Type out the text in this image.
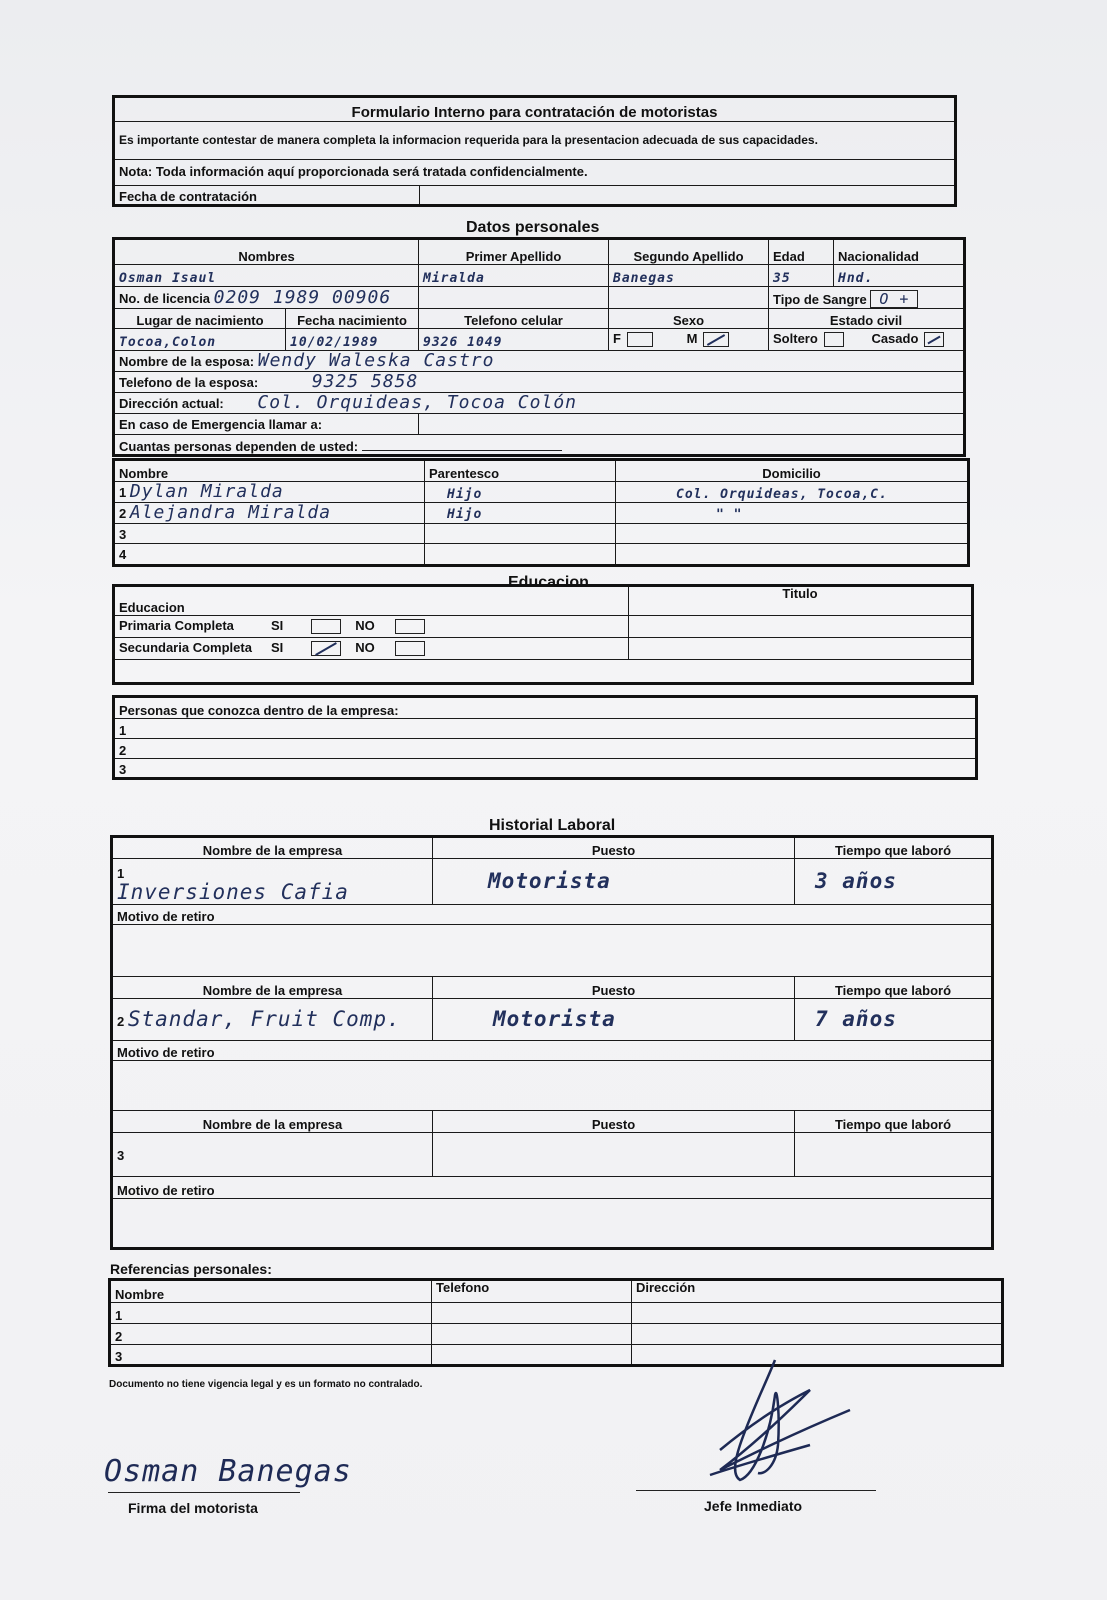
Formulario Interno para contratación de motoristas
Es importante contestar de manera completa la informacion requerida para la presentacion adecuada de sus capacidades.
Nota: Toda información aquí proporcionada será tratada confidencialmente.
Fecha de contratación	
Datos personales
Nombres		Primer Apellido	Segundo Apellido	Edad	Nacionalidad
Osman Isaul		Miralda	Banegas	35	Hnd.
No. de licencia 0209 1989 00906				Tipo de Sangre O +	
Lugar de nacimiento	Fecha nacimiento	Telefono celular	Sexo	Estado civil	
Tocoa,Colon	10/02/1989	9326 1049	F M	Soltero Casado	
Nombre de la esposa: Wendy Waleska Castro					
Telefono de la esposa: 9325 5858					
Dirección actual: Col. Orquideas, Tocoa Colón					
En caso de Emergencia llamar a:					
Cuantas personas dependen de usted:					
Nombre	Parentesco	Domicilio
1 Dylan Miralda	Hijo	Col. Orquideas, Tocoa,C.
2 Alejandra Miralda	Hijo	" "
3		
4		
Educacion
Educacion	Titulo
Primaria Completa SI NO	
Secundaria Completa SI NO	

Personas que conozca dentro de la empresa:
1
2
3
Historial Laboral
Nombre de la empresa	Puesto	Tiempo que laboró

1
Inversiones Cafia	Motorista	3 años
Motivo de retiro		

Nombre de la empresa	Puesto	Tiempo que laboró
2 Standar, Fruit Comp.	Motorista	7 años
Motivo de retiro		

Nombre de la empresa	Puesto	Tiempo que laboró
3		
Motivo de retiro		

Referencias personales:
Nombre	Telefono	Dirección
1		
2		
3		
Documento no tiene vigencia legal y es un formato no contralado.
Osman Banegas
Firma del motorista	Jefe Inmediato
